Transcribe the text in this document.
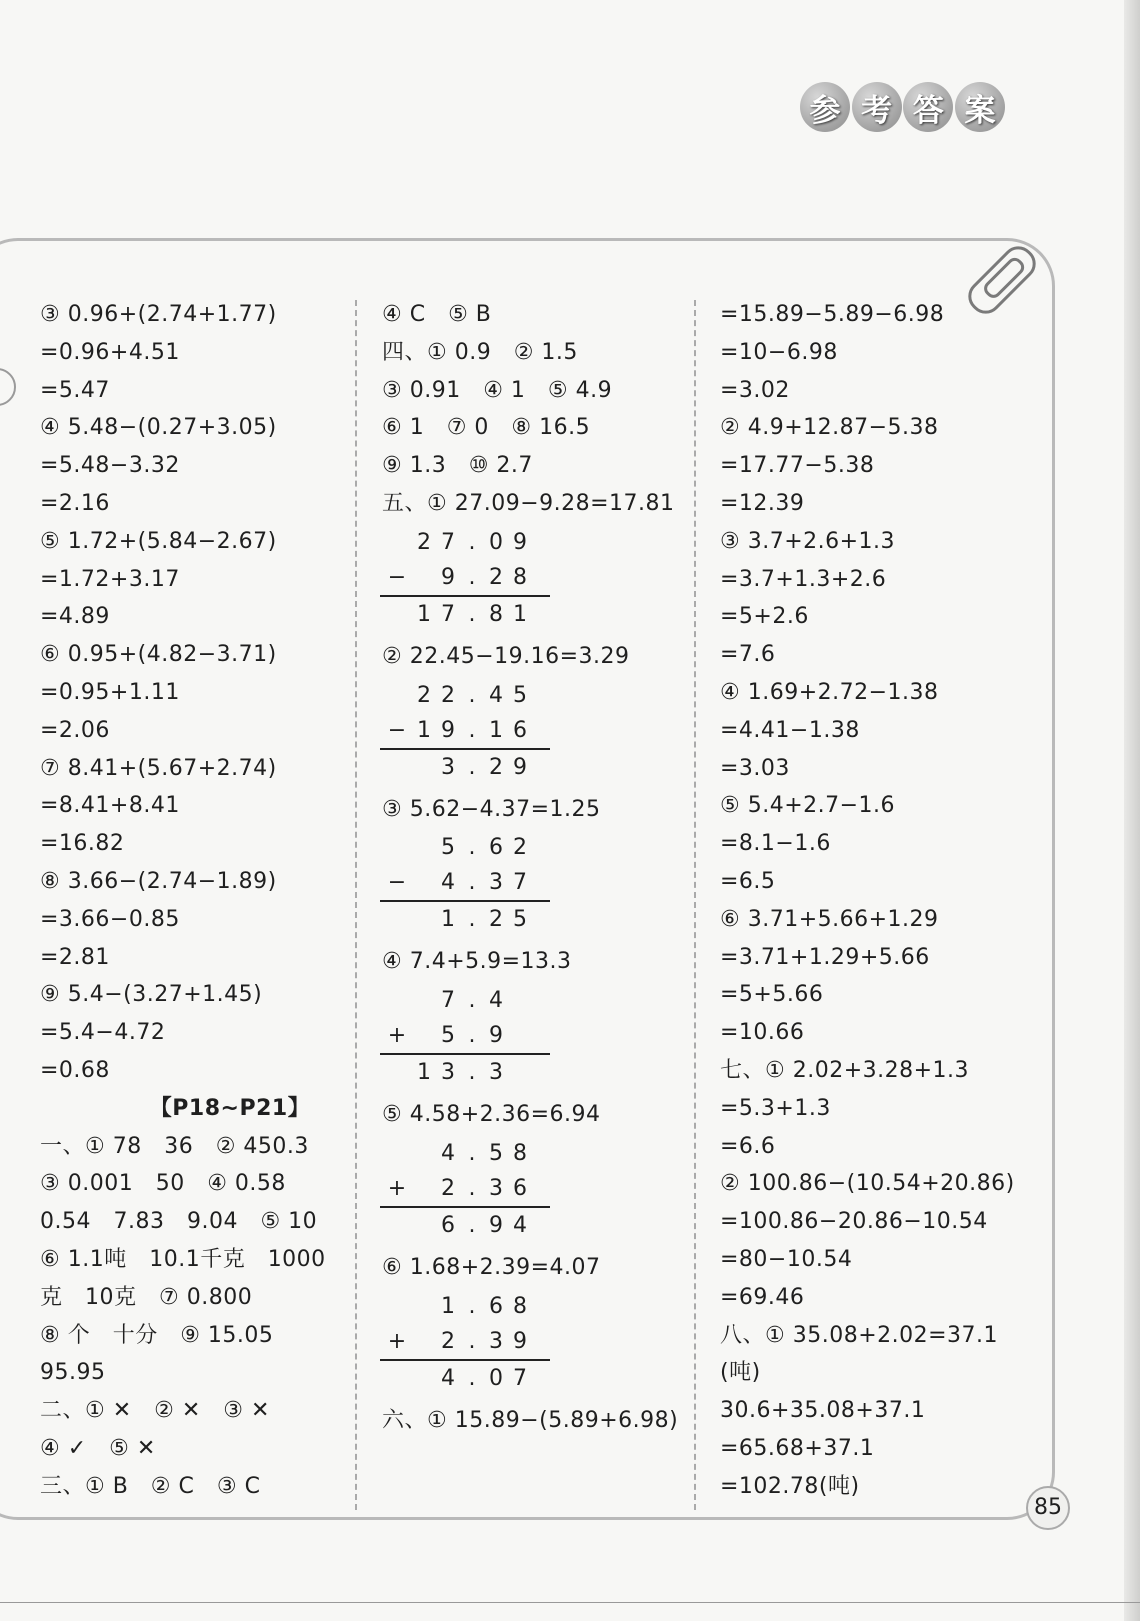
参 考 答 案
③ 0.96+(2.74+1.77)
=0.96+4.51
=5.47
④ 5.48−(0.27+3.05)
=5.48−3.32
=2.16
⑤ 1.72+(5.84−2.67)
=1.72+3.17
=4.89
⑥ 0.95+(4.82−3.71)
=0.95+1.11
=2.06
⑦ 8.41+(5.67+2.74)
=8.41+8.41
=16.82
⑧ 3.66−(2.74−1.89)
=3.66−0.85
=2.81
⑨ 5.4−(3.27+1.45)
=5.4−4.72
=0.68
【P18~P21】
一、① 78　36　② 450.3
③ 0.001　50　④ 0.58
0.54　7.83　9.04　⑤ 10
⑥ 1.1吨　10.1千克　1000
克　10克　⑦ 0.800
⑧ 个　十分　⑨ 15.05
95.95
二、① ✕　② ✕　③ ✕
④ ✓　⑤ ✕
三、① B　② C　③ C
④ C　⑤ B
四、① 0.9　② 1.5
③ 0.91　④ 1　⑤ 4.9
⑥ 1　⑦ 0　⑧ 16.5
⑨ 1.3　⑩ 2.7
五、① 27.09−9.28=17.81
2 7 . 0 9
− 9 . 2 8
1 7 . 8 1
② 22.45−19.16=3.29
2 2 . 4 5
− 1 9 . 1 6
3 . 2 9
③ 5.62−4.37=1.25
5 . 6 2
− 4 . 3 7
1 . 2 5
④ 7.4+5.9=13.3
7 . 4
+ 5 . 9
1 3 . 3
⑤ 4.58+2.36=6.94
4 . 5 8
+ 2 . 3 6
6 . 9 4
⑥ 1.68+2.39=4.07
1 . 6 8
+ 2 . 3 9
4 . 0 7
六、① 15.89−(5.89+6.98)
=15.89−5.89−6.98
=10−6.98
=3.02
② 4.9+12.87−5.38
=17.77−5.38
=12.39
③ 3.7+2.6+1.3
=3.7+1.3+2.6
=5+2.6
=7.6
④ 1.69+2.72−1.38
=4.41−1.38
=3.03
⑤ 5.4+2.7−1.6
=8.1−1.6
=6.5
⑥ 3.71+5.66+1.29
=3.71+1.29+5.66
=5+5.66
=10.66
七、① 2.02+3.28+1.3
=5.3+1.3
=6.6
② 100.86−(10.54+20.86)
=100.86−20.86−10.54
=80−10.54
=69.46
八、① 35.08+2.02=37.1
(吨)
30.6+35.08+37.1
=65.68+37.1
=102.78(吨)
85
